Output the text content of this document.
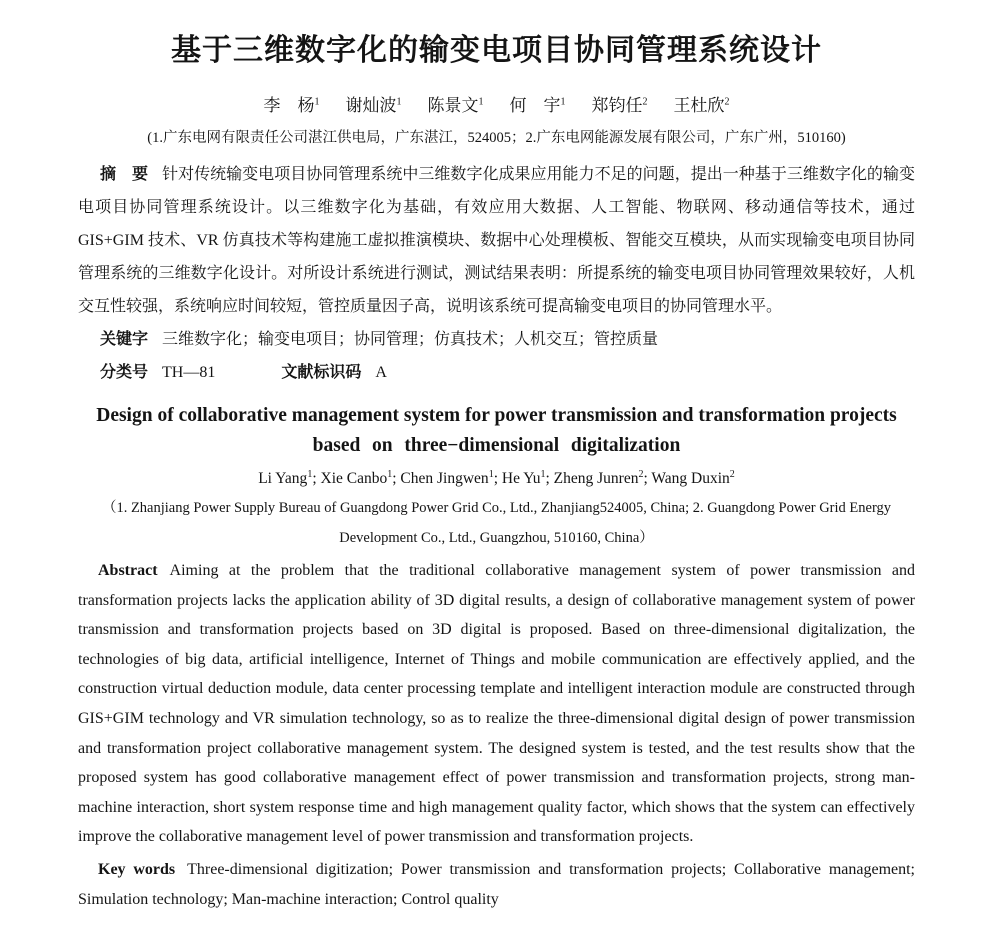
基于三维数字化的输变电项目协同管理系统设计
李　杨$^1$ 谢灿波$^1$ 陈景文$^1$ 何　宇$^1$ 郑钧任$^2$ 王杜欣$^2$
(1.广东电网有限责任公司湛江供电局，广东湛江，524005；2.广东电网能源发展有限公司，广东广州，510160)

摘　要 针对传统输变电项目协同管理系统中三维数字化成果应用能力不足的问题，提出一种基于三维数字化的输变电项目协同管理系统设计。以三维数字化为基础，有效应用大数据、人工智能、物联网、移动通信等技术，通过 GIS+GIM 技术、VR 仿真技术等构建施工虚拟推演模块、数据中心处理模板、智能交互模块，从而实现输变电项目协同管理系统的三维数字化设计。对所设计系统进行测试，测试结果表明：所提系统的输变电项目协同管理效果较好，人机交互性较强，系统响应时间较短，管控质量因子高，说明该系统可提高输变电项目的协同管理水平。

关键字 三维数字化；输变电项目；协同管理；仿真技术；人机交互；管控质量

分类号 TH—81	文献标识码 A

Design of collaborative management system for power transmission and transformation projects
based on three−dimensional digitalization
Li Yang$^1$; Xie Canbo$^1$; Chen Jingwen$^1$; He Yu$^1$; Zheng Junren$^2$; Wang Duxin$^2$
（1. Zhanjiang Power Supply Bureau of Guangdong Power Grid Co., Ltd., Zhanjiang524005, China; 2. Guangdong Power Grid Energy
Development Co., Ltd., Guangzhou, 510160, China）

Abstract Aiming at the problem that the traditional collaborative management system of power transmission and transformation projects lacks the application ability of 3D digital results, a design of collaborative management system of power transmission and transformation projects based on 3D digital is proposed. Based on three-dimensional digitalization, the technologies of big data, artificial intelligence, Internet of Things and mobile communication are effectively applied, and the construction virtual deduction module, data center processing template and intelligent interaction module are constructed through GIS+GIM technology and VR simulation technology, so as to realize the three-dimensional digital design of power transmission and transformation project collaborative management system. The designed system is tested, and the test results show that the proposed system has good collaborative management effect of power transmission and transformation projects, strong man-machine interaction, short system response time and high management quality factor, which shows that the system can effectively improve the collaborative management level of power transmission and transformation projects.

Key words Three-dimensional digitization; Power transmission and transformation projects; Collaborative management; Simulation technology; Man-machine interaction; Control quality
